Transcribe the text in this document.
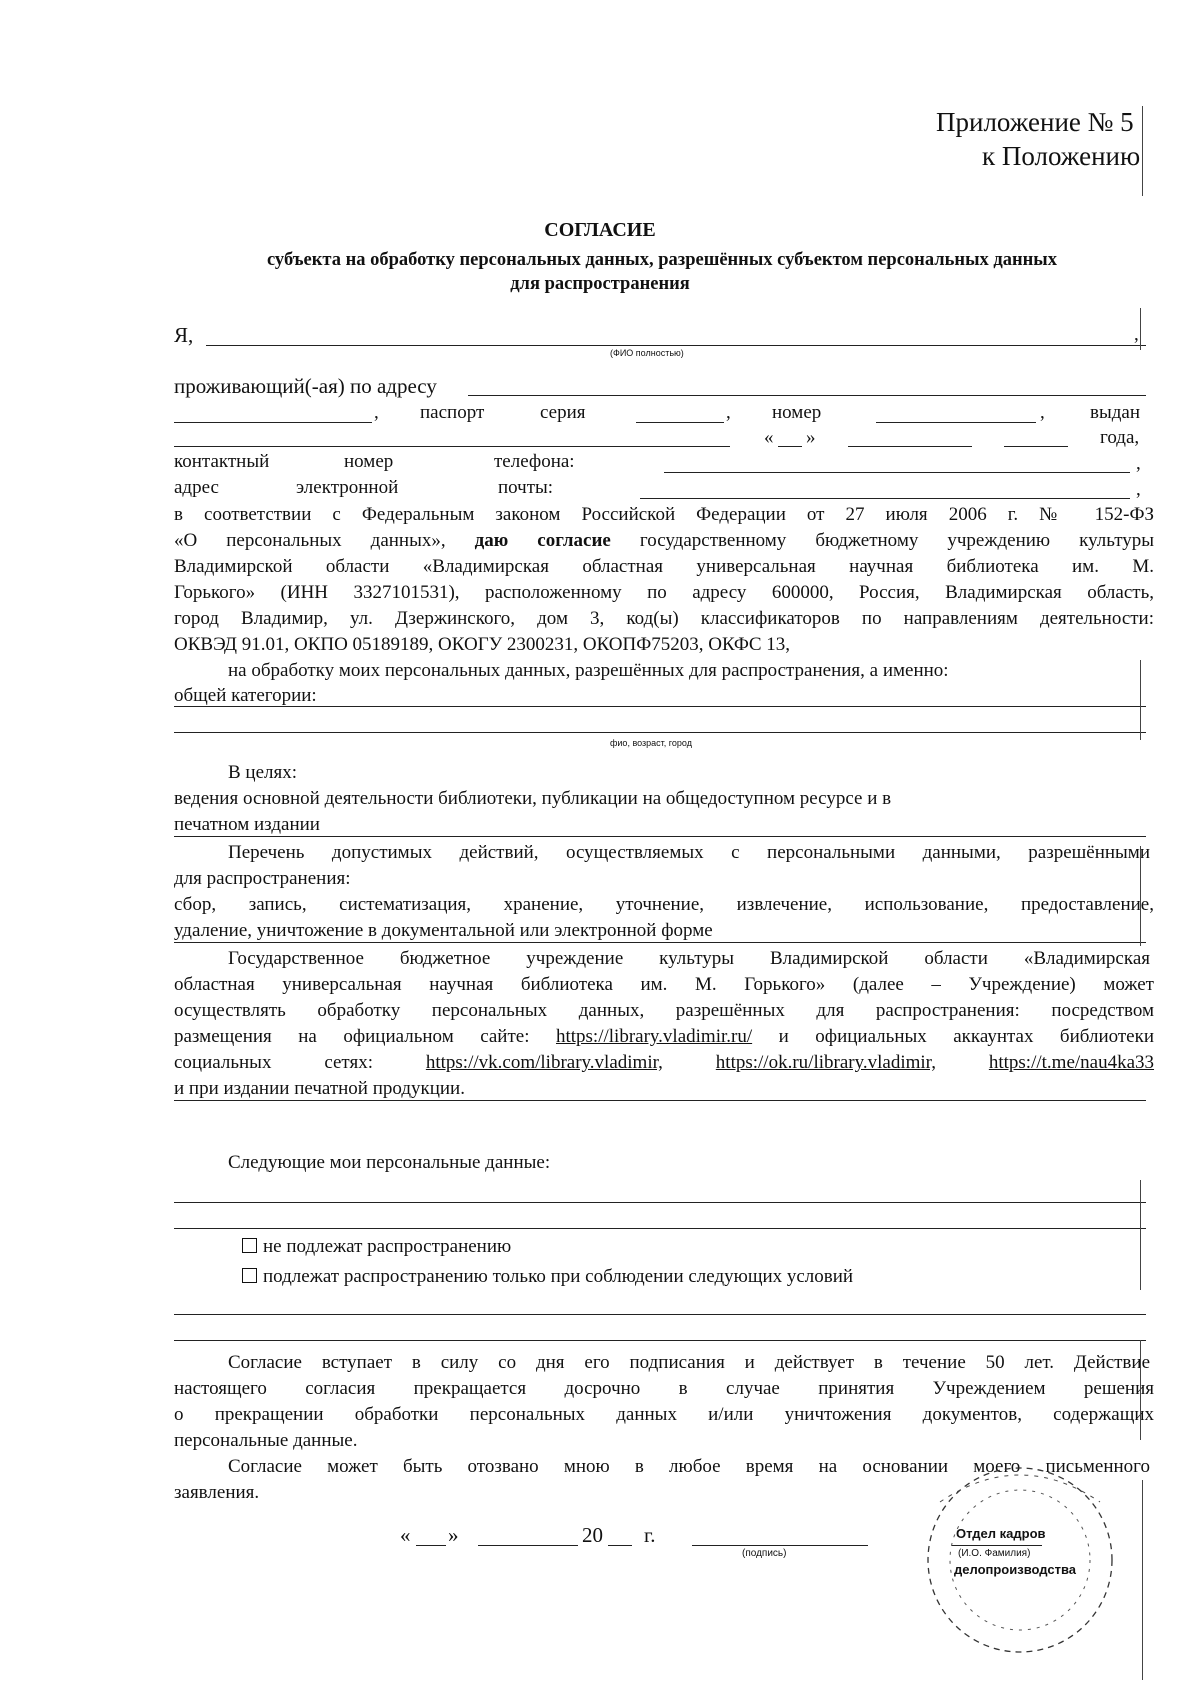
Приложение № 5
к Положению
СОГЛАСИЕ
субъекта на обработку персональных данных, разрешённых субъектом персональных данных
для распространения
Я,	,
(ФИО полностью)
проживающий(-ая) по адресу
, паспорт	серия	, номер	, выдан
« »	года,
контактный	номер	телефона:	,
адрес	электронной	почты:	,
в соответствии с Федеральным законом Российской Федерации от 27 июля 2006 г. № 152-ФЗ
«О персональных данных», даю согласие государственному бюджетному учреждению культуры
Владимирской области «Владимирская областная универсальная научная библиотека им. М.
Горького» (ИНН 3327101531), расположенному по адресу 600000, Россия, Владимирская область,
город Владимир, ул. Дзержинского, дом 3, код(ы) классификаторов по направлениям деятельности:
ОКВЭД 91.01, ОКПО 05189189, ОКОГУ 2300231, ОКОПФ75203, ОКФС 13,
на обработку моих персональных данных, разрешённых для распространения, а именно:
общей категории:
фио, возраст, город
В целях:
ведения основной деятельности библиотеки, публикации на общедоступном ресурсе и в
печатном издании
Перечень допустимых действий, осуществляемых с персональными данными, разрешёнными
для распространения:
сбор, запись, систематизация, хранение, уточнение, извлечение, использование, предоставление,
удаление, уничтожение в документальной или электронной форме
Государственное бюджетное учреждение культуры Владимирской области «Владимирская
областная универсальная научная библиотека им. М. Горького» (далее – Учреждение) может
осуществлять обработку персональных данных, разрешённых для распространения: посредством
размещения на официальном сайте: https://library.vladimir.ru/ и официальных аккаунтах библиотеки
социальных сетях:	https://vk.com/library.vladimir,	https://ok.ru/library.vladimir,	https://t.me/nau4ka33
и при издании печатной продукции.
Следующие мои персональные данные:
не подлежат распространению
подлежат распространению только при соблюдении следующих условий
Согласие вступает в силу со дня его подписания и действует в течение 50 лет. Действие
настоящего согласия прекращается досрочно в случае принятия Учреждением решения
о прекращении обработки персональных данных и/или уничтожения документов, содержащих
персональные данные.
Согласие может быть отозвано мною в любое время на основании моего письменного
заявления.
« »	20 г.
(подпись)	(И.О. Фамилия)
Отдел кадров
делопроизводства
